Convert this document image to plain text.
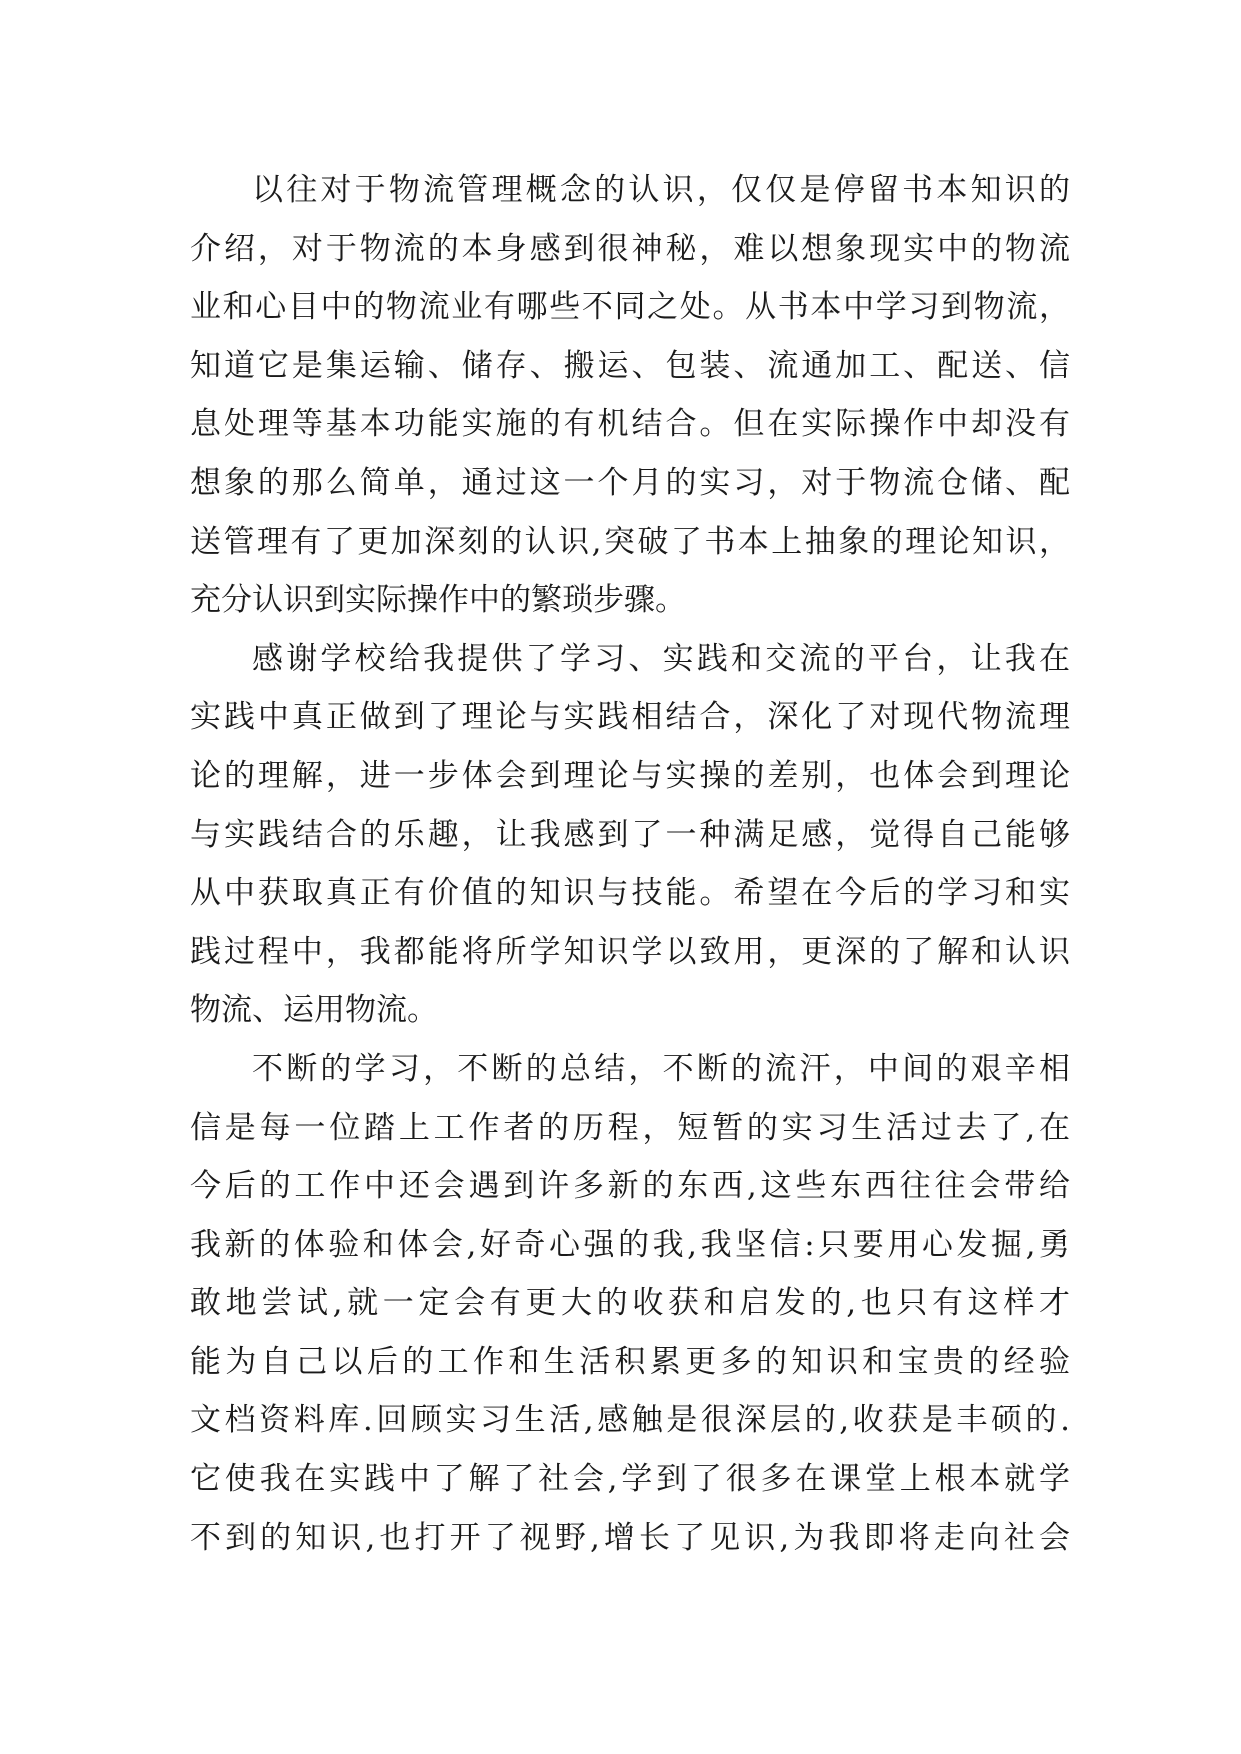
以往对于物流管理概念的认识，仅仅是停留书本知识的
介绍，对于物流的本身感到很神秘，难以想象现实中的物流
业和心目中的物流业有哪些不同之处。从书本中学习到物流，
知道它是集运输、储存、搬运、包装、流通加工、配送、信
息处理等基本功能实施的有机结合。但在实际操作中却没有
想象的那么简单，通过这一个月的实习，对于物流仓储、配
送管理有了更加深刻的认识,突破了书本上抽象的理论知识，
充分认识到实际操作中的繁琐步骤。
感谢学校给我提供了学习、实践和交流的平台，让我在
实践中真正做到了理论与实践相结合，深化了对现代物流理
论的理解，进一步体会到理论与实操的差别，也体会到理论
与实践结合的乐趣，让我感到了一种满足感，觉得自己能够
从中获取真正有价值的知识与技能。希望在今后的学习和实
践过程中，我都能将所学知识学以致用，更深的了解和认识
物流、运用物流。
不断的学习，不断的总结，不断的流汗，中间的艰辛相
信是每一位踏上工作者的历程，短暂的实习生活过去了,在
今后的工作中还会遇到许多新的东西,这些东西往往会带给
我新的体验和体会,好奇心强的我,我坚信:只要用心发掘,勇
敢地尝试,就一定会有更大的收获和启发的,也只有这样才
能为自己以后的工作和生活积累更多的知识和宝贵的经验
文档资料库.回顾实习生活,感触是很深层的,收获是丰硕的.
它使我在实践中了解了社会,学到了很多在课堂上根本就学
不到的知识,也打开了视野,增长了见识,为我即将走向社会
